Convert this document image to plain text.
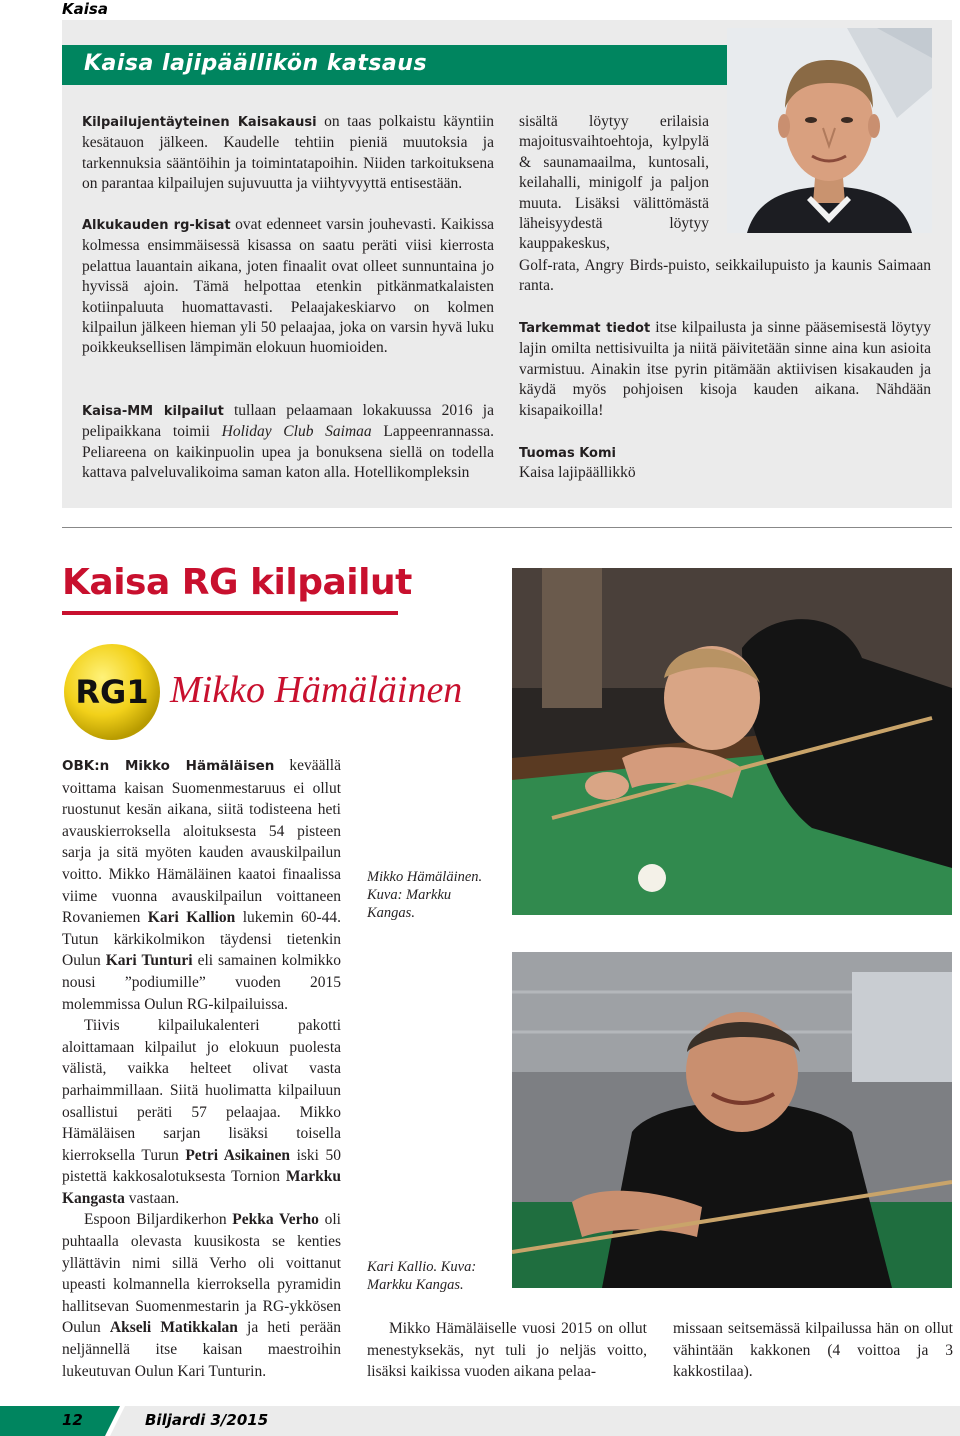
Kaisa
Kaisa lajipäällikön katsaus

Kilpailujentäyteinen Kaisakausi on taas polkaistu käyntiin kesätauon jälkeen. Kaudelle tehtiin pieniä muutoksia ja tarkennuksia sääntöihin ja toimintatapoihin. Niiden tarkoituksena on parantaa kilpailujen sujuvuutta ja viihtyvyyttä entisestään.

Alkukauden rg-kisat ovat edenneet varsin jouhevasti. Kaikissa kolmessa ensimmäisessä kisassa on saatu peräti viisi kierrosta pelattua lauantain aikana, joten finaalit ovat olleet sunnuntaina jo hyvissä ajoin. Tämä helpottaa etenkin pitkänmatkalaisten kotiinpaluuta huomattavasti. Pelaajakeskiarvo on kolmen kilpailun jälkeen hieman yli 50 pelaajaa, joka on varsin hyvä luku poikkeuksellisen lämpimän elokuun huomioiden.

Kaisa-MM kilpailut tullaan pelaamaan lokakuussa 2016 ja pelipaikkana toimii Holiday Club Saimaa Lappeenrannassa. Peliareena on kaikinpuolin upea ja bonuksena siellä on todella kattava palveluvalikoima saman katon alla. Hotellikompleksin

sisältä löytyy erilaisia majoitusvaihtoehtoja, kylpylä & saunamaailma, kuntosali, keilahalli, minigolf ja paljon muuta. Lisäksi välittömästä läheisyydestä löytyy kauppakeskus,

Golf-rata, Angry Birds-puisto, seikkailupuisto ja kaunis Saimaan ranta.

Tarkemmat tiedot itse kilpailusta ja sinne pääsemisestä löytyy lajin omilta nettisivuilta ja niitä päivitetään sinne aina kun asioita varmistuu. Ainakin itse pyrin pitämään aktiivisen kisakauden ja käydä myös pohjoisen kisoja kauden aikana. Nähdään kisapaikoilla!

Tuomas Komi
Kaisa lajipäällikkö
Kaisa RG kilpailut
RG1 Mikko Hämäläinen

OBK:n Mikko Hämäläisen keväällä voittama kaisan Suomenmestaruus ei ollut ruostunut kesän aikana, siitä todisteena heti avauskierroksella aloituksesta 54 pisteen sarja ja sitä myöten kauden avauskilpailun voitto. Mikko Hämäläinen kaatoi finaalissa viime vuonna avauskilpailun voittaneen Rovaniemen Kari Kallion lukemin 60-44. Tutun kärkikolmikon täydensi tietenkin Oulun Kari Tunturi eli samainen kolmikko nousi ”podiumille” vuoden 2015 molemmissa Oulun RG-kilpailuissa.

Tiivis kilpailukalenteri pakotti aloittamaan kilpailut jo elokuun puolesta välistä, vaikka helteet olivat vasta parhaimmillaan. Siitä huolimatta kilpailuun osallistui peräti 57 pelaajaa. Mikko Hämäläisen sarjan lisäksi toisella kierroksella Turun Petri Asikainen iski 50 pistettä kakkosalotuksesta Tornion Markku Kangasta vastaan.

Espoon Biljardikerhon Pekka Verho oli puhtaalla olevasta kuusikosta se kenties yllättävin nimi sillä Verho oli voittanut upeasti kolmannella kierroksella pyramidin hallitsevan Suomenmestarin ja RG-ykkösen Oulun Akseli Matikkalan ja heti perään neljännellä itse kaisan maestroihin lukeutuvan Oulun Kari Tunturin.

Mikko Hämäläinen. Kuva: Markku Kangas.
Kari Kallio. Kuva: Markku Kangas.

Mikko Hämäläiselle vuosi 2015 on ollut menestyksekäs, nyt tuli jo neljäs voitto, lisäksi kaikissa vuoden aikana pelaa-

missaan seitsemässä kilpailussa hän on ollut vähintään kakkonen (4 voittoa ja 3 kakkostilaa).

12	Biljardi 3/2015
